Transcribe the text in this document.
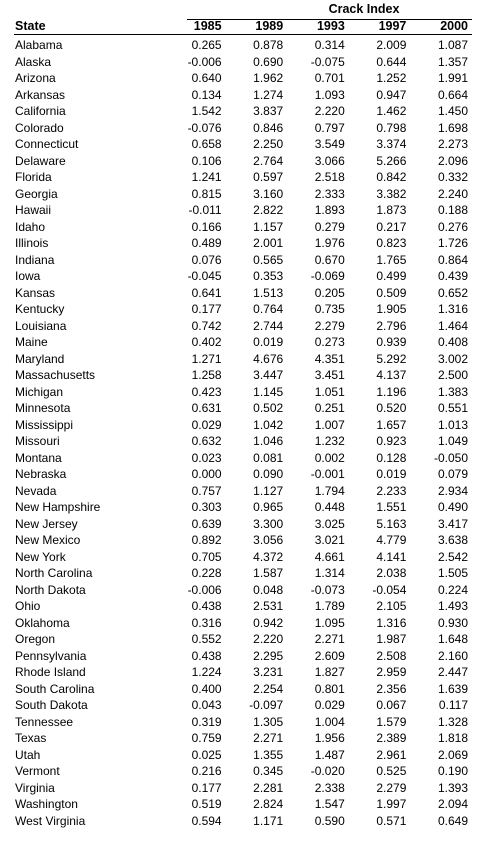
Crack Index
State	1985	1989	1993	1997	2000
Alabama	0.265	0.878	0.314	2.009	1.087
Alaska	-0.006	0.690	-0.075	0.644	1.357
Arizona	0.640	1.962	0.701	1.252	1.991
Arkansas	0.134	1.274	1.093	0.947	0.664
California	1.542	3.837	2.220	1.462	1.450
Colorado	-0.076	0.846	0.797	0.798	1.698
Connecticut	0.658	2.250	3.549	3.374	2.273
Delaware	0.106	2.764	3.066	5.266	2.096
Florida	1.241	0.597	2.518	0.842	0.332
Georgia	0.815	3.160	2.333	3.382	2.240
Hawaii	-0.011	2.822	1.893	1.873	0.188
Idaho	0.166	1.157	0.279	0.217	0.276
Illinois	0.489	2.001	1.976	0.823	1.726
Indiana	0.076	0.565	0.670	1.765	0.864
Iowa	-0.045	0.353	-0.069	0.499	0.439
Kansas	0.641	1.513	0.205	0.509	0.652
Kentucky	0.177	0.764	0.735	1.905	1.316
Louisiana	0.742	2.744	2.279	2.796	1.464
Maine	0.402	0.019	0.273	0.939	0.408
Maryland	1.271	4.676	4.351	5.292	3.002
Massachusetts	1.258	3.447	3.451	4.137	2.500
Michigan	0.423	1.145	1.051	1.196	1.383
Minnesota	0.631	0.502	0.251	0.520	0.551
Mississippi	0.029	1.042	1.007	1.657	1.013
Missouri	0.632	1.046	1.232	0.923	1.049
Montana	0.023	0.081	0.002	0.128	-0.050
Nebraska	0.000	0.090	-0.001	0.019	0.079
Nevada	0.757	1.127	1.794	2.233	2.934
New Hampshire	0.303	0.965	0.448	1.551	0.490
New Jersey	0.639	3.300	3.025	5.163	3.417
New Mexico	0.892	3.056	3.021	4.779	3.638
New York	0.705	4.372	4.661	4.141	2.542
North Carolina	0.228	1.587	1.314	2.038	1.505
North Dakota	-0.006	0.048	-0.073	-0.054	0.224
Ohio	0.438	2.531	1.789	2.105	1.493
Oklahoma	0.316	0.942	1.095	1.316	0.930
Oregon	0.552	2.220	2.271	1.987	1.648
Pennsylvania	0.438	2.295	2.609	2.508	2.160
Rhode Island	1.224	3.231	1.827	2.959	2.447
South Carolina	0.400	2.254	0.801	2.356	1.639
South Dakota	0.043	-0.097	0.029	0.067	0.117
Tennessee	0.319	1.305	1.004	1.579	1.328
Texas	0.759	2.271	1.956	2.389	1.818
Utah	0.025	1.355	1.487	2.961	2.069
Vermont	0.216	0.345	-0.020	0.525	0.190
Virginia	0.177	2.281	2.338	2.279	1.393
Washington	0.519	2.824	1.547	1.997	2.094
West Virginia	0.594	1.171	0.590	0.571	0.649
